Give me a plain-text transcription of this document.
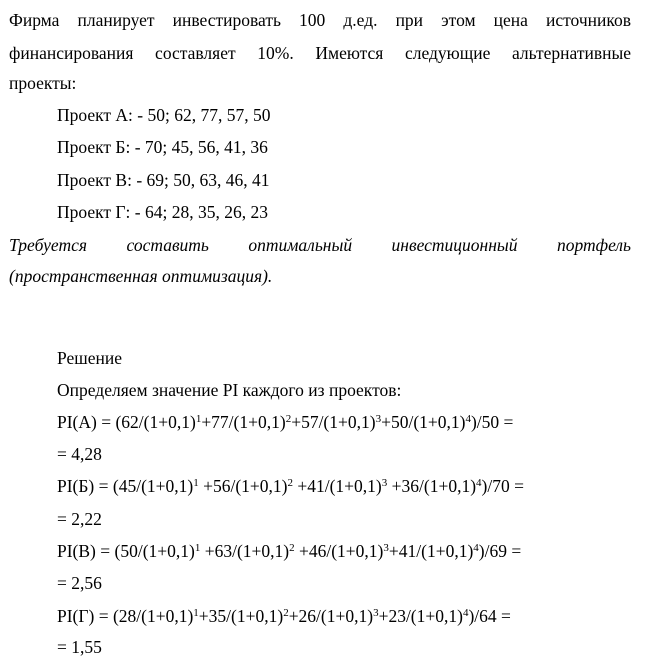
Фирма планирует инвестировать 100 д.ед. при этом цена источников
финансирования составляет 10%. Имеются следующие альтернативные
проекты:
Проект А: - 50; 62, 77, 57, 50
Проект Б: - 70; 45, 56, 41, 36
Проект В: - 69; 50, 63, 46, 41
Проект Г: - 64; 28, 35, 26, 23
Требуется составить оптимальный инвестиционный портфель
(пространственная оптимизация).
Решение
Определяем значение PI каждого из проектов:
$PI(А) = (62/(1+0,1)^1+77/(1+0,1)^2+57/(1+0,1)^3+50/(1+0,1)^4)/50$ =
= 4,28
$PI(Б) = (45/(1+0,1)^1 +56/(1+0,1)^2 +41/(1+0,1)^3 +36/(1+0,1)^4)/70$ =
= 2,22
$PI(В) = (50/(1+0,1)^1 +63/(1+0,1)^2 +46/(1+0,1)^3+41/(1+0,1)^4)/69$ =
= 2,56
$PI(Г) = (28/(1+0,1)^1+35/(1+0,1)^2+26/(1+0,1)^3+23/(1+0,1)^4)/64$ =
= 1,55
